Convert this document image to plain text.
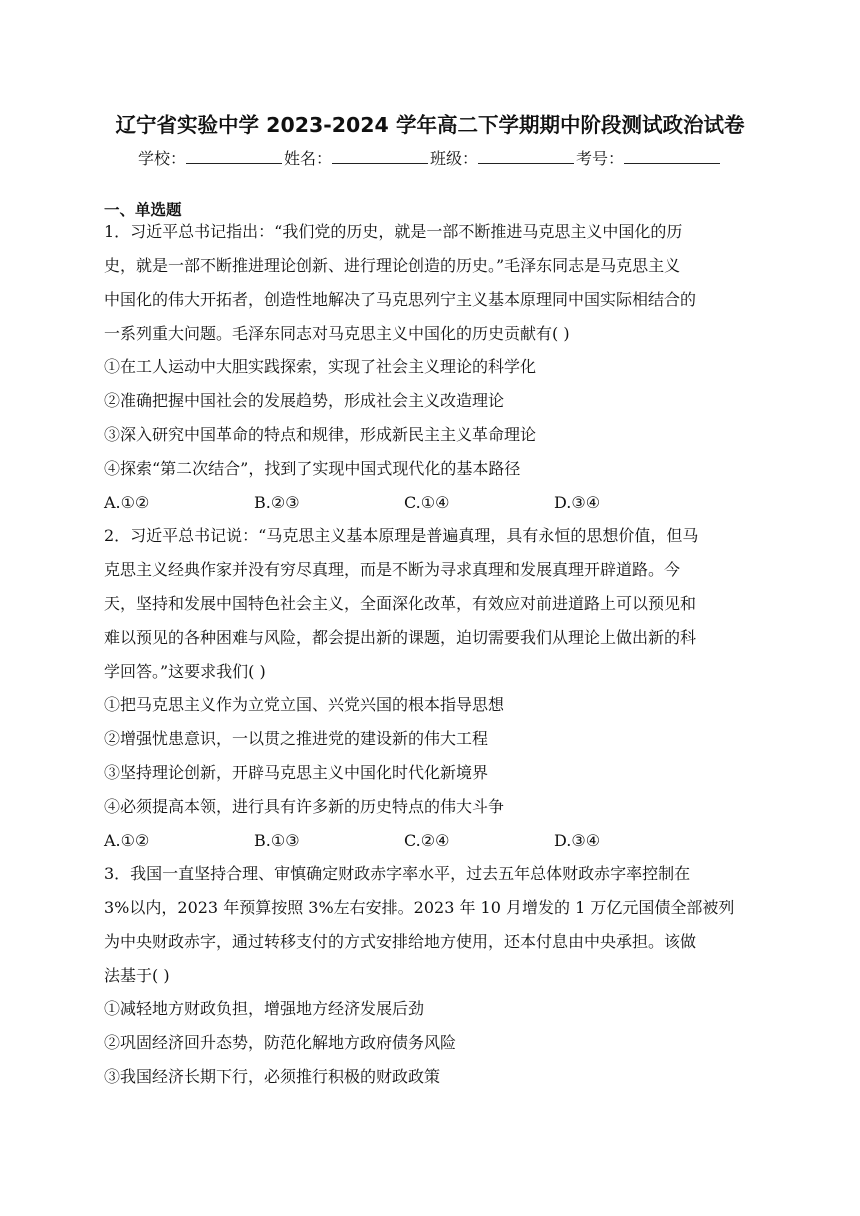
辽宁省实验中学 2023-2024 学年高二下学期期中阶段测试政治试卷
学校：	姓名：	班级：	考号：
一、单选题
1．习近平总书记指出：“我们党的历史，就是一部不断推进马克思主义中国化的历
史，就是一部不断推进理论创新、进行理论创造的历史。”毛泽东同志是马克思主义
中国化的伟大开拓者，创造性地解决了马克思列宁主义基本原理同中国实际相结合的
一系列重大问题。毛泽东同志对马克思主义中国化的历史贡献有( )
①在工人运动中大胆实践探索，实现了社会主义理论的科学化
②准确把握中国社会的发展趋势，形成社会主义改造理论
③深入研究中国革命的特点和规律，形成新民主主义革命理论
④探索“第二次结合”，找到了实现中国式现代化的基本路径
A.①②	B.②③	C.①④	D.③④
2．习近平总书记说：“马克思主义基本原理是普遍真理，具有永恒的思想价值，但马
克思主义经典作家并没有穷尽真理，而是不断为寻求真理和发展真理开辟道路。今
天，坚持和发展中国特色社会主义，全面深化改革，有效应对前进道路上可以预见和
难以预见的各种困难与风险，都会提出新的课题，迫切需要我们从理论上做出新的科
学回答。”这要求我们( )
①把马克思主义作为立党立国、兴党兴国的根本指导思想
②增强忧患意识，一以贯之推进党的建设新的伟大工程
③坚持理论创新，开辟马克思主义中国化时代化新境界
④必须提高本领，进行具有许多新的历史特点的伟大斗争
A.①②	B.①③	C.②④	D.③④
3．我国一直坚持合理、审慎确定财政赤字率水平，过去五年总体财政赤字率控制在
3%以内，2023 年预算按照 3%左右安排。2023 年 10 月增发的 1 万亿元国债全部被列
为中央财政赤字，通过转移支付的方式安排给地方使用，还本付息由中央承担。该做
法基于( )
①减轻地方财政负担，增强地方经济发展后劲
②巩固经济回升态势，防范化解地方政府债务风险
③我国经济长期下行，必须推行积极的财政政策
